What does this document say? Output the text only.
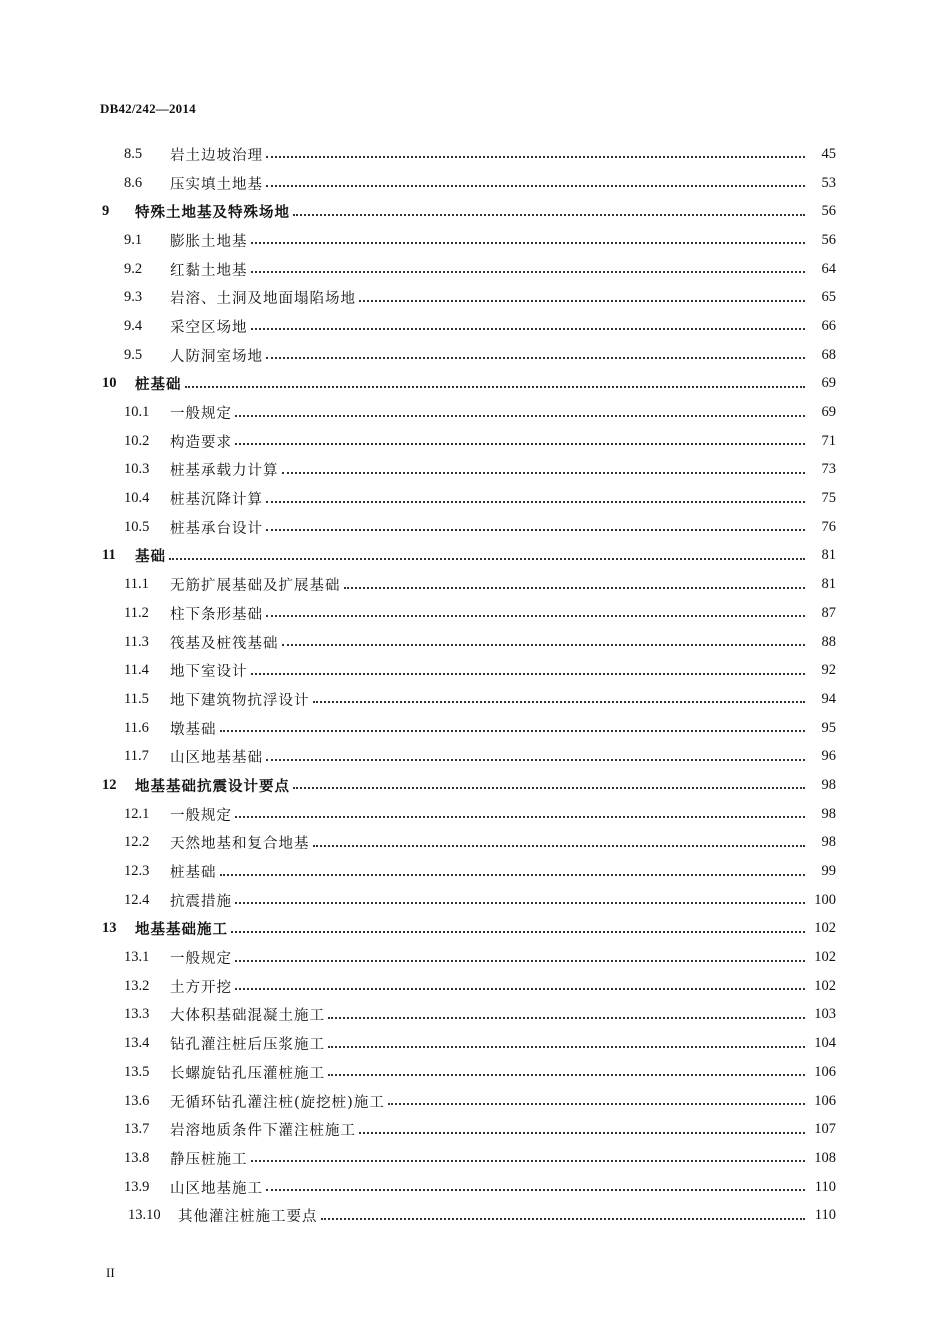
DB42/242—2014
8.5	岩土边坡治理	45
8.6	压实填土地基	53
9	特殊土地基及特殊场地	56
9.1	膨胀土地基	56
9.2	红黏土地基	64
9.3	岩溶、土洞及地面塌陷场地	65
9.4	采空区场地	66
9.5	人防洞室场地	68
10	桩基础	69
10.1	一般规定	69
10.2	构造要求	71
10.3	桩基承载力计算	73
10.4	桩基沉降计算	75
10.5	桩基承台设计	76
11	基础	81
11.1	无筋扩展基础及扩展基础	81
11.2	柱下条形基础	87
11.3	筏基及桩筏基础	88
11.4	地下室设计	92
11.5	地下建筑物抗浮设计	94
11.6	墩基础	95
11.7	山区地基基础	96
12	地基基础抗震设计要点	98
12.1	一般规定	98
12.2	天然地基和复合地基	98
12.3	桩基础	99
12.4	抗震措施	100
13	地基基础施工	102
13.1	一般规定	102
13.2	土方开挖	102
13.3	大体积基础混凝土施工	103
13.4	钻孔灌注桩后压浆施工	104
13.5	长螺旋钻孔压灌桩施工	106
13.6	无循环钻孔灌注桩(旋挖桩)施工	106
13.7	岩溶地质条件下灌注桩施工	107
13.8	静压桩施工	108
13.9	山区地基施工	110
13.10	其他灌注桩施工要点	110
II
